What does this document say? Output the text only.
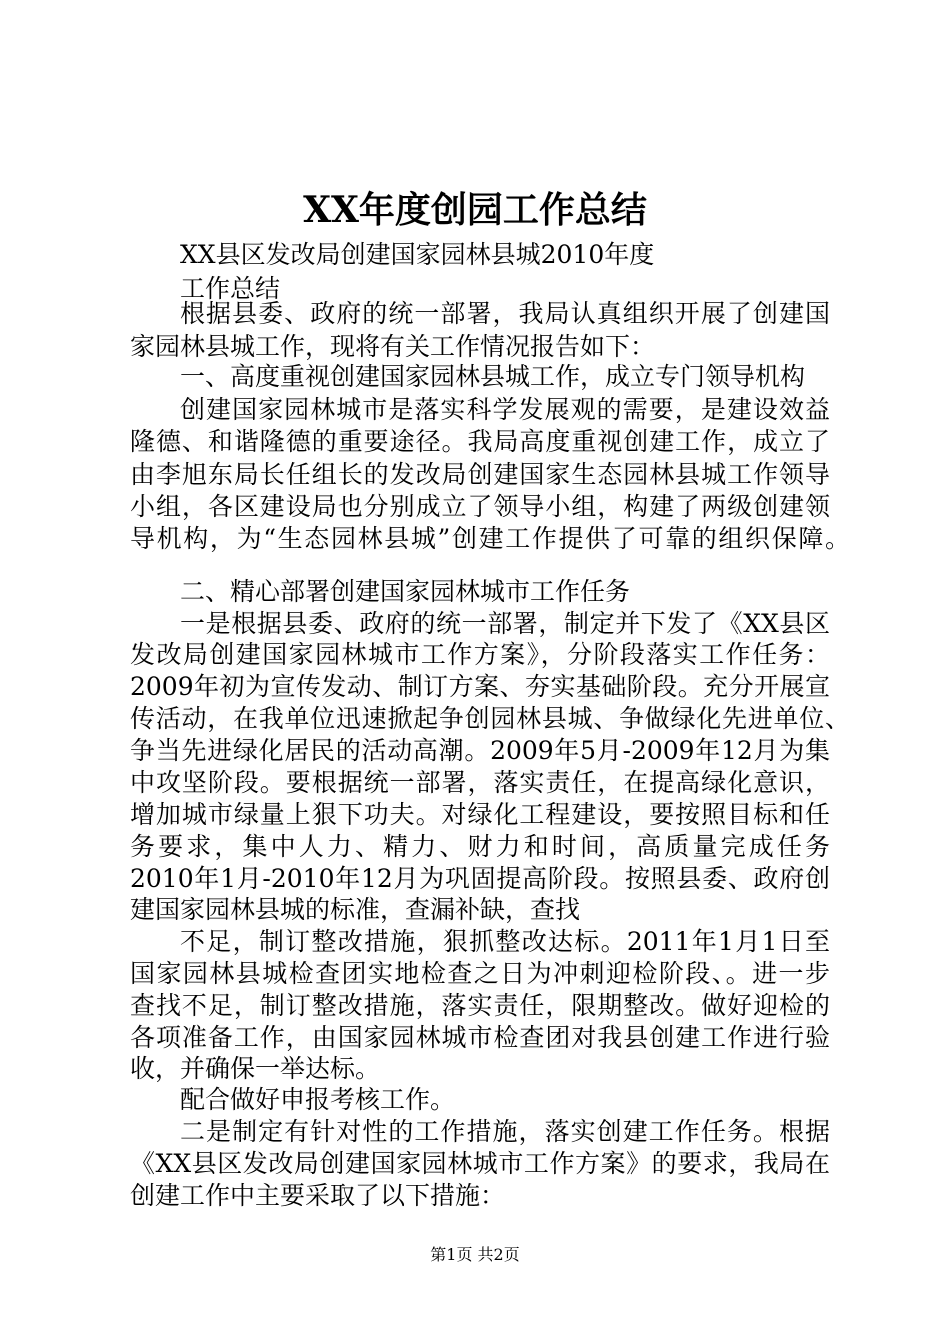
XX年度创园工作总结
XX县区发改局创建国家园林县城2010年度
工作总结
根据县委、政府的统一部署，我局认真组织开展了创建国
家园林县城工作，现将有关工作情况报告如下：
一、高度重视创建国家园林县城工作，成立专门领导机构
创建国家园林城市是落实科学发展观的需要，是建设效益
隆德、和谐隆德的重要途径。我局高度重视创建工作，成立了
由李旭东局长任组长的发改局创建国家生态园林县城工作领导
小组，各区建设局也分别成立了领导小组，构建了两级创建领
导机构，为“生态园林县城”创建工作提供了可靠的组织保障。
二、精心部署创建国家园林城市工作任务
一是根据县委、政府的统一部署，制定并下发了《XX县区
发改局创建国家园林城市工作方案》，分阶段落实工作任务：
2009年初为宣传发动、制订方案、夯实基础阶段。充分开展宣
传活动，在我单位迅速掀起争创园林县城、争做绿化先进单位、
争当先进绿化居民的活动高潮。2009年5月-2009年12月为集
中攻坚阶段。要根据统一部署，落实责任，在提高绿化意识，
增加城市绿量上狠下功夫。对绿化工程建设，要按照目标和任
务要求，集中人力、精力、财力和时间，高质量完成任务
2010年1月-2010年12月为巩固提高阶段。按照县委、政府创
建国家园林县城的标准，查漏补缺，查找
不足，制订整改措施，狠抓整改达标。2011年1月1日至
国家园林县城检查团实地检查之日为冲刺迎检阶段、。进一步
查找不足，制订整改措施，落实责任，限期整改。做好迎检的
各项准备工作，由国家园林城市检查团对我县创建工作进行验
收，并确保一举达标。
配合做好申报考核工作。
二是制定有针对性的工作措施，落实创建工作任务。根据
《XX县区发改局创建国家园林城市工作方案》的要求，我局在
创建工作中主要采取了以下措施：
第1页 共2页
